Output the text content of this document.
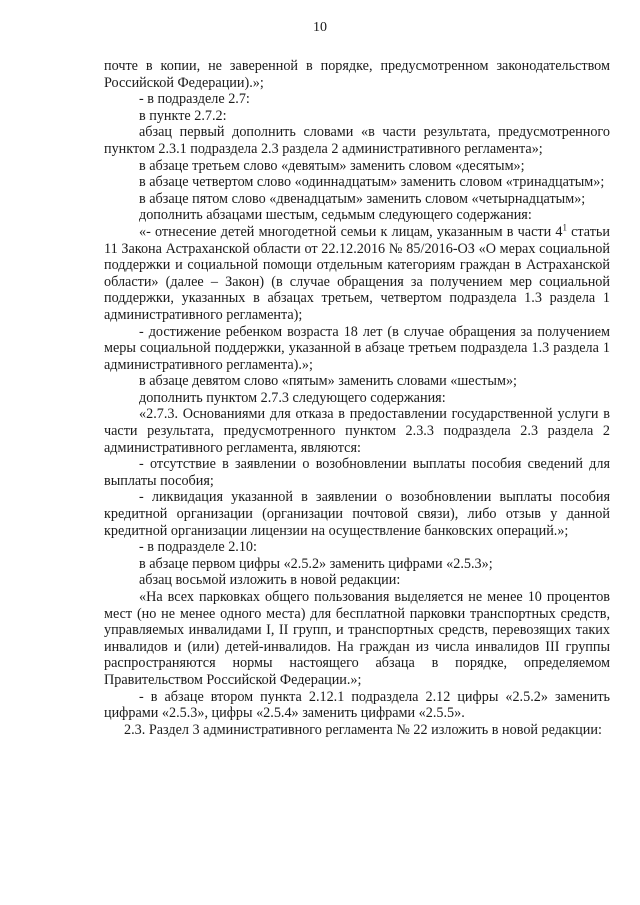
10

почте в копии, не заверенной в порядке, предусмотренном законодательством Российской Федерации).»;

- в подразделе 2.7:

в пункте 2.7.2:

абзац первый дополнить словами «в части результата, предусмотренного пунктом 2.3.1 подраздела 2.3 раздела 2 административного регламента»;

в абзаце третьем слово «девятым» заменить словом «десятым»;

в абзаце четвертом слово «одиннадцатым» заменить словом «тринадцатым»;

в абзаце пятом слово «двенадцатым» заменить словом «четырнадцатым»;

дополнить абзацами шестым, седьмым следующего содержания:

«- отнесение детей многодетной семьи к лицам, указанным в части $4^1$ статьи 11 Закона Астраханской области от 22.12.2016 № 85/2016-ОЗ «О мерах социальной поддержки и социальной помощи отдельным категориям граждан в Астраханской области» (далее – Закон) (в случае обращения за получением мер социальной поддержки, указанных в абзацах третьем, четвертом подраздела 1.3 раздела 1 административного регламента);

- достижение ребенком возраста 18 лет (в случае обращения за получением меры социальной поддержки, указанной в абзаце третьем подраздела 1.3 раздела 1 административного регламента).»;

в абзаце девятом слово «пятым» заменить словами «шестым»;

дополнить пунктом 2.7.3 следующего содержания:

«2.7.3. Основаниями для отказа в предоставлении государственной услуги в части результата, предусмотренного пунктом 2.3.3 подраздела 2.3 раздела 2 административного регламента, являются:

- отсутствие в заявлении о возобновлении выплаты пособия сведений для выплаты пособия;

- ликвидация указанной в заявлении о возобновлении выплаты пособия кредитной организации (организации почтовой связи), либо отзыв у данной кредитной организации лицензии на осуществление банковских операций.»;

- в подразделе 2.10:

в абзаце первом цифры «2.5.2» заменить цифрами «2.5.3»;

абзац восьмой изложить в новой редакции:

«На всех парковках общего пользования выделяется не менее 10 процентов мест (но не менее одного места) для бесплатной парковки транспортных средств, управляемых инвалидами I, II групп, и транспортных средств, перевозящих таких инвалидов и (или) детей-инвалидов. На граждан из числа инвалидов III группы распространяются нормы настоящего абзаца в порядке, определяемом Правительством Российской Федерации.»;

- в абзаце втором пункта 2.12.1 подраздела 2.12 цифры «2.5.2» заменить цифрами «2.5.3», цифры «2.5.4» заменить цифрами «2.5.5».

2.3. Раздел 3 административного регламента № 22 изложить в новой редакции:
